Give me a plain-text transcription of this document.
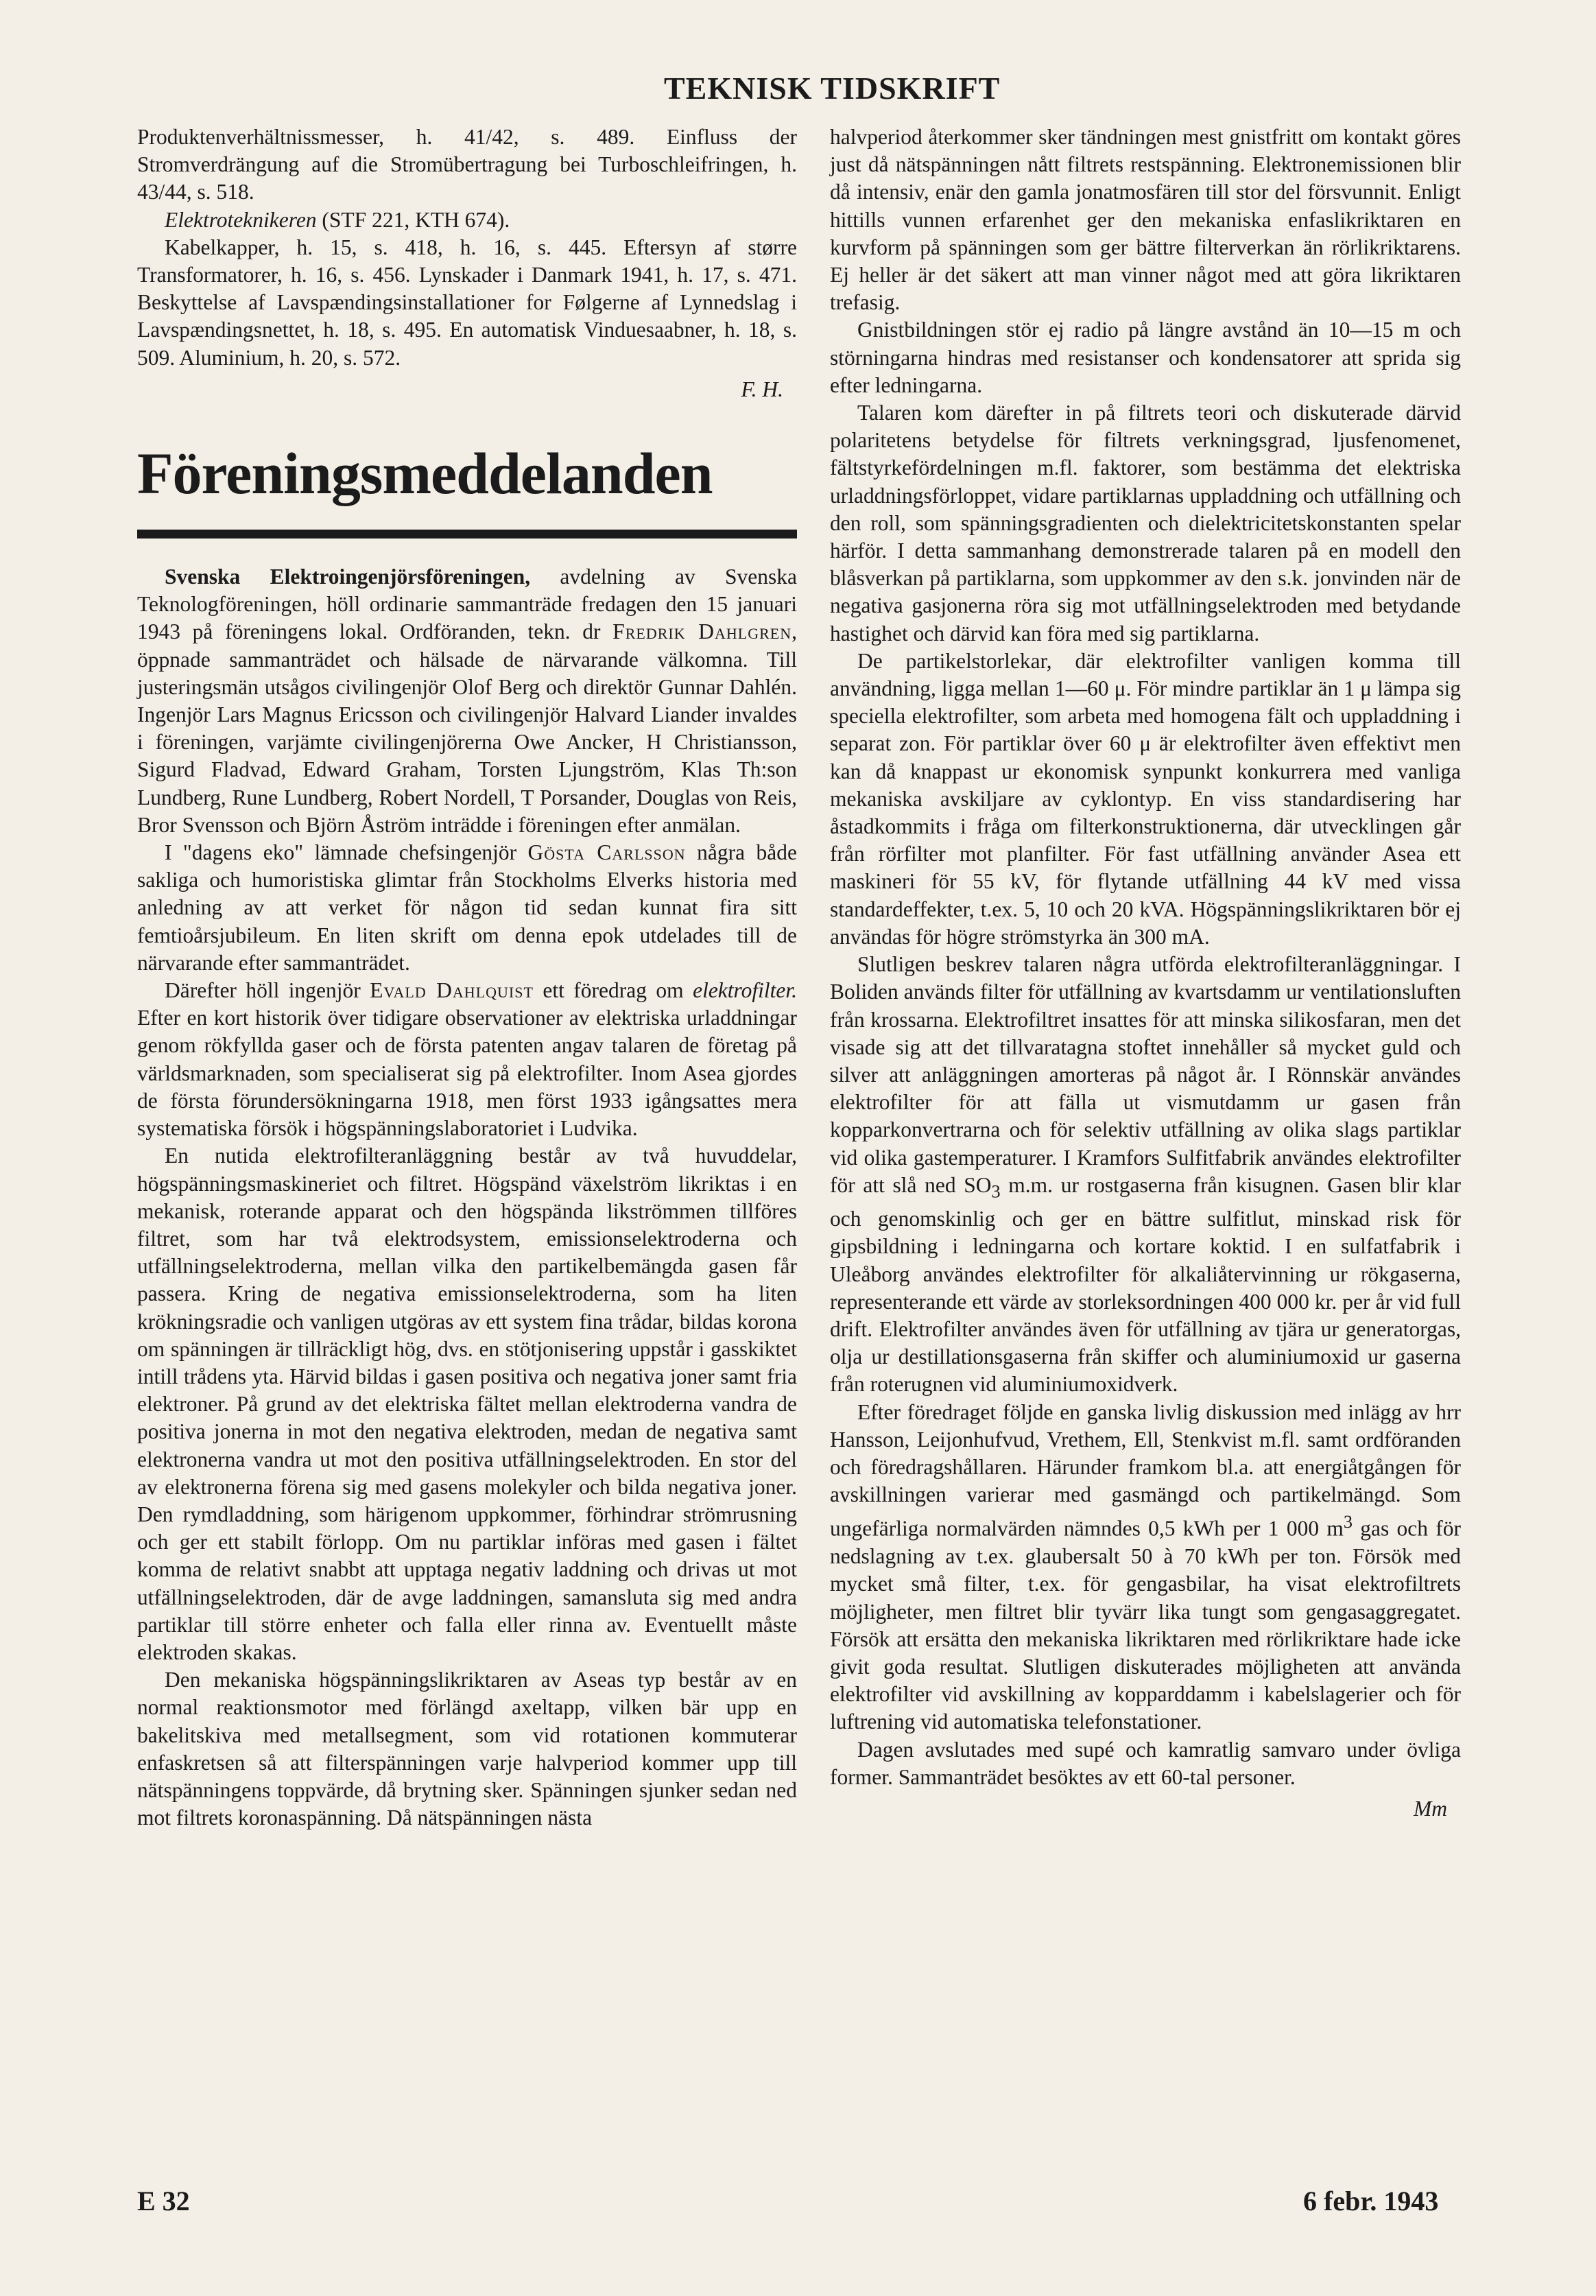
TEKNISK TIDSKRIFT

Produktenverhältnissmesser, h. 41/42, s. 489. Einfluss der Stromverdrängung auf die Stromübertragung bei Turboschleifringen, h. 43/44, s. 518.

Elektroteknikeren (STF 221, KTH 674).

Kabelkapper, h. 15, s. 418, h. 16, s. 445. Eftersyn af større Transformatorer, h. 16, s. 456. Lynskader i Danmark 1941, h. 17, s. 471. Beskyttelse af Lavspændingsinstallationer for Følgerne af Lynnedslag i Lavspændingsnettet, h. 18, s. 495. En automatisk Vinduesaabner, h. 18, s. 509. Aluminium, h. 20, s. 572.

F. H.

Föreningsmeddelanden

Svenska Elektroingenjörsföreningen, avdelning av Svenska Teknologföreningen, höll ordinarie sammanträde fredagen den 15 januari 1943 på föreningens lokal. Ordföranden, tekn. dr Fredrik Dahlgren, öppnade sammanträdet och hälsade de närvarande välkomna. Till justeringsmän utsågos civilingenjör Olof Berg och direktör Gunnar Dahlén. Ingenjör Lars Magnus Ericsson och civilingenjör Halvard Liander invaldes i föreningen, varjämte civilingenjörerna Owe Ancker, H Christiansson, Sigurd Fladvad, Edward Graham, Torsten Ljungström, Klas Th:son Lundberg, Rune Lundberg, Robert Nordell, T Porsander, Douglas von Reis, Bror Svensson och Björn Åström inträdde i föreningen efter anmälan.

I "dagens eko" lämnade chefsingenjör Gösta Carlsson några både sakliga och humoristiska glimtar från Stockholms Elverks historia med anledning av att verket för någon tid sedan kunnat fira sitt femtioårsjubileum. En liten skrift om denna epok utdelades till de närvarande efter sammanträdet.

Därefter höll ingenjör Evald Dahlquist ett föredrag om elektrofilter. Efter en kort historik över tidigare observationer av elektriska urladdningar genom rökfyllda gaser och de första patenten angav talaren de företag på världsmarknaden, som specialiserat sig på elektrofilter. Inom Asea gjordes de första förundersökningarna 1918, men först 1933 igångsattes mera systematiska försök i högspänningslaboratoriet i Ludvika.

En nutida elektrofilteranläggning består av två huvuddelar, högspänningsmaskineriet och filtret. Högspänd växelström likriktas i en mekanisk, roterande apparat och den högspända likströmmen tillföres filtret, som har två elektrodsystem, emissionselektroderna och utfällningselektroderna, mellan vilka den partikelbemängda gasen får passera. Kring de negativa emissionselektroderna, som ha liten krökningsradie och vanligen utgöras av ett system fina trådar, bildas korona om spänningen är tillräckligt hög, dvs. en stötjonisering uppstår i gasskiktet intill trådens yta. Härvid bildas i gasen positiva och negativa joner samt fria elektroner. På grund av det elektriska fältet mellan elektroderna vandra de positiva jonerna in mot den negativa elektroden, medan de negativa samt elektronerna vandra ut mot den positiva utfällningselektroden. En stor del av elektronerna förena sig med gasens molekyler och bilda negativa joner. Den rymdladdning, som härigenom uppkommer, förhindrar strömrusning och ger ett stabilt förlopp. Om nu partiklar införas med gasen i fältet komma de relativt snabbt att upptaga negativ laddning och drivas ut mot utfällningselektroden, där de avge laddningen, samansluta sig med andra partiklar till större enheter och falla eller rinna av. Eventuellt måste elektroden skakas.

Den mekaniska högspänningslikriktaren av Aseas typ består av en normal reaktionsmotor med förlängd axeltapp, vilken bär upp en bakelitskiva med metallsegment, som vid rotationen kommuterar enfaskretsen så att filterspänningen varje halvperiod kommer upp till nätspänningens toppvärde, då brytning sker. Spänningen sjunker sedan ned mot filtrets koronaspänning. Då nätspänningen nästa

halvperiod återkommer sker tändningen mest gnistfritt om kontakt göres just då nätspänningen nått filtrets restspänning. Elektronemissionen blir då intensiv, enär den gamla jonatmosfären till stor del försvunnit. Enligt hittills vunnen erfarenhet ger den mekaniska enfaslikriktaren en kurvform på spänningen som ger bättre filterverkan än rörlikriktarens. Ej heller är det säkert att man vinner något med att göra likriktaren trefasig.

Gnistbildningen stör ej radio på längre avstånd än 10—15 m och störningarna hindras med resistanser och kondensatorer att sprida sig efter ledningarna.

Talaren kom därefter in på filtrets teori och diskuterade därvid polaritetens betydelse för filtrets verkningsgrad, ljusfenomenet, fältstyrkefördelningen m.fl. faktorer, som bestämma det elektriska urladdningsförloppet, vidare partiklarnas uppladdning och utfällning och den roll, som spänningsgradienten och dielektricitetskonstanten spelar härför. I detta sammanhang demonstrerade talaren på en modell den blåsverkan på partiklarna, som uppkommer av den s.k. jonvinden när de negativa gasjonerna röra sig mot utfällningselektroden med betydande hastighet och därvid kan föra med sig partiklarna.

De partikelstorlekar, där elektrofilter vanligen komma till användning, ligga mellan 1—60 μ. För mindre partiklar än 1 μ lämpa sig speciella elektrofilter, som arbeta med homogena fält och uppladdning i separat zon. För partiklar över 60 μ är elektrofilter även effektivt men kan då knappast ur ekonomisk synpunkt konkurrera med vanliga mekaniska avskiljare av cyklontyp. En viss standardisering har åstadkommits i fråga om filterkonstruktionerna, där utvecklingen går från rörfilter mot planfilter. För fast utfällning använder Asea ett maskineri för 55 kV, för flytande utfällning 44 kV med vissa standardeffekter, t.ex. 5, 10 och 20 kVA. Högspänningslikriktaren bör ej användas för högre strömstyrka än 300 mA.

Slutligen beskrev talaren några utförda elektrofilteranläggningar. I Boliden används filter för utfällning av kvartsdamm ur ventilationsluften från krossarna. Elektrofiltret insattes för att minska silikosfaran, men det visade sig att det tillvaratagna stoftet innehåller så mycket guld och silver att anläggningen amorteras på något år. I Rönnskär användes elektrofilter för att fälla ut vismutdamm ur gasen från kopparkonvertrarna och för selektiv utfällning av olika slags partiklar vid olika gastemperaturer. I Kramfors Sulfitfabrik användes elektrofilter för att slå ned $SO_3$ m.m. ur rostgaserna från kisugnen. Gasen blir klar och genomskinlig och ger en bättre sulfitlut, minskad risk för gipsbildning i ledningarna och kortare koktid. I en sulfatfabrik i Uleåborg användes elektrofilter för alkaliåtervinning ur rökgaserna, representerande ett värde av storleksordningen 400 000 kr. per år vid full drift. Elektrofilter användes även för utfällning av tjära ur generatorgas, olja ur destillationsgaserna från skiffer och aluminiumoxid ur gaserna från roterugnen vid aluminiumoxidverk.

Efter föredraget följde en ganska livlig diskussion med inlägg av hrr Hansson, Leijonhufvud, Vrethem, Ell, Stenkvist m.fl. samt ordföranden och föredragshållaren. Härunder framkom bl.a. att energiåtgången för avskillningen varierar med gasmängd och partikelmängd. Som ungefärliga normalvärden nämndes 0,5 kWh per 1 000 $m^3$ gas och för nedslagning av t.ex. glaubersalt 50 à 70 kWh per ton. Försök med mycket små filter, t.ex. för gengasbilar, ha visat elektrofiltrets möjligheter, men filtret blir tyvärr lika tungt som gengasaggregatet. Försök att ersätta den mekaniska likriktaren med rörlikriktare hade icke givit goda resultat. Slutligen diskuterades möjligheten att använda elektrofilter vid avskillning av kopparddamm i kabelslagerier och för luftrening vid automatiska telefonstationer.

Dagen avslutades med supé och kamratlig samvaro under övliga former. Sammanträdet besöktes av ett 60-tal personer.

Mm

E 32	6 febr. 1943
